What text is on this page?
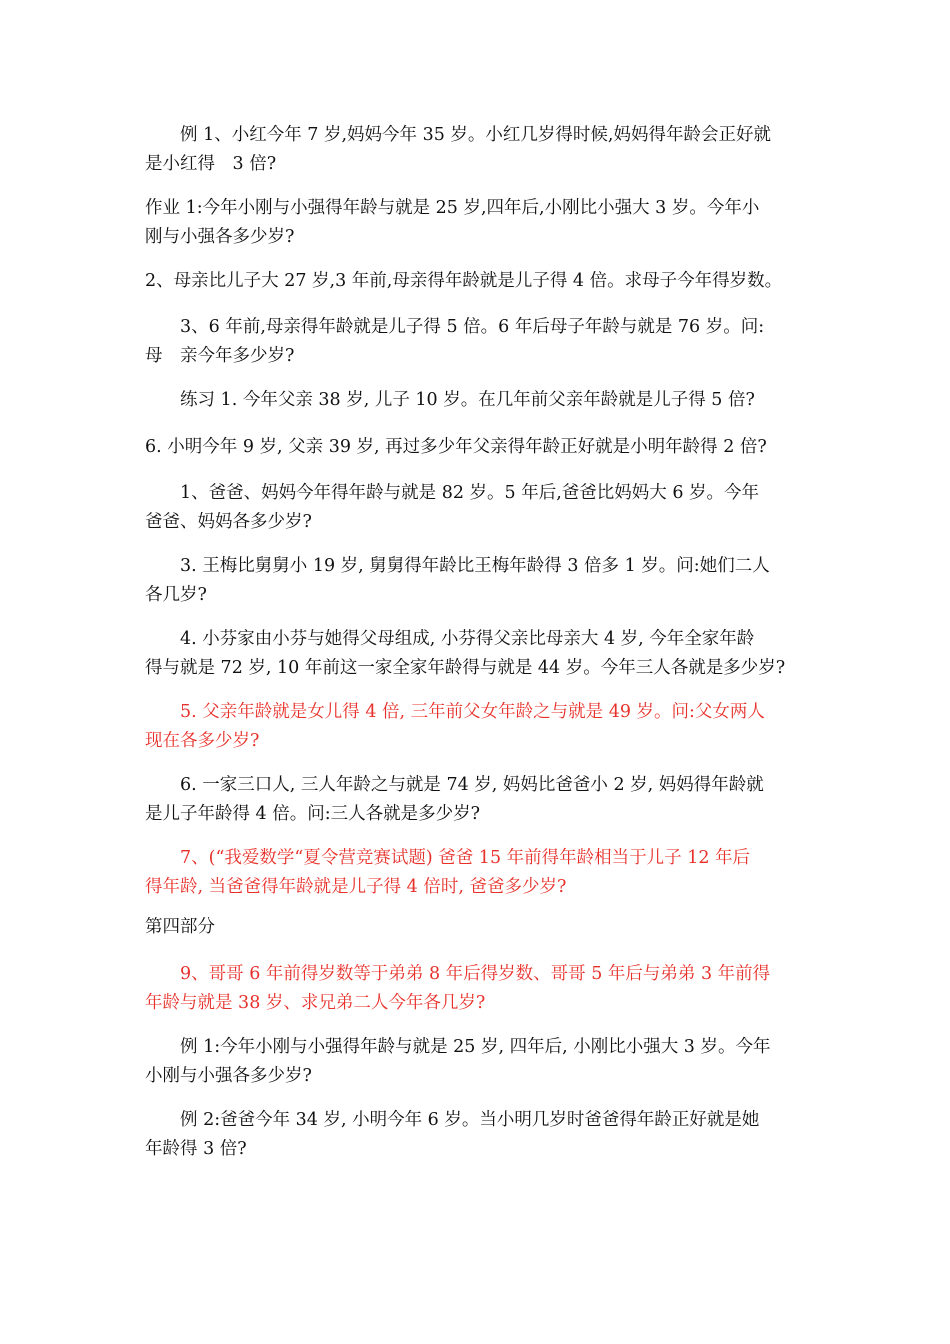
　　例 1、小红今年 7 岁,妈妈今年 35 岁。小红几岁得时候,妈妈得年龄会正好就
是小红得　3 倍?

作业 1:今年小刚与小强得年龄与就是 25 岁,四年后,小刚比小强大 3 岁。今年小
刚与小强各多少岁?

2、母亲比儿子大 27 岁,3 年前,母亲得年龄就是儿子得 4 倍。求母子今年得岁数。

　　3、6 年前,母亲得年龄就是儿子得 5 倍。6 年后母子年龄与就是 76 岁。问:
母　亲今年多少岁?

　　练习 1. 今年父亲 38 岁, 儿子 10 岁。在几年前父亲年龄就是儿子得 5 倍?

6. 小明今年 9 岁, 父亲 39 岁, 再过多少年父亲得年龄正好就是小明年龄得 2 倍?

　　1、爸爸、妈妈今年得年龄与就是 82 岁。5 年后,爸爸比妈妈大 6 岁。今年
爸爸、妈妈各多少岁?

　　3. 王梅比舅舅小 19 岁, 舅舅得年龄比王梅年龄得 3 倍多 1 岁。问:她们二人
各几岁?

　　4. 小芬家由小芬与她得父母组成, 小芬得父亲比母亲大 4 岁, 今年全家年龄
得与就是 72 岁, 10 年前这一家全家年龄得与就是 44 岁。今年三人各就是多少岁?

　　5. 父亲年龄就是女儿得 4 倍, 三年前父女年龄之与就是 49 岁。问:父女两人
现在各多少岁?

　　6. 一家三口人, 三人年龄之与就是 74 岁, 妈妈比爸爸小 2 岁, 妈妈得年龄就
是儿子年龄得 4 倍。问:三人各就是多少岁?

　　7、(“我爱数学“夏令营竞赛试题) 爸爸 15 年前得年龄相当于儿子 12 年后
得年龄, 当爸爸得年龄就是儿子得 4 倍时, 爸爸多少岁?

第四部分

　　9、哥哥 6 年前得岁数等于弟弟 8 年后得岁数、哥哥 5 年后与弟弟 3 年前得
年龄与就是 38 岁、求兄弟二人今年各几岁?

　　例 1:今年小刚与小强得年龄与就是 25 岁, 四年后, 小刚比小强大 3 岁。今年
小刚与小强各多少岁?

　　例 2:爸爸今年 34 岁, 小明今年 6 岁。当小明几岁时爸爸得年龄正好就是她
年龄得 3 倍?
